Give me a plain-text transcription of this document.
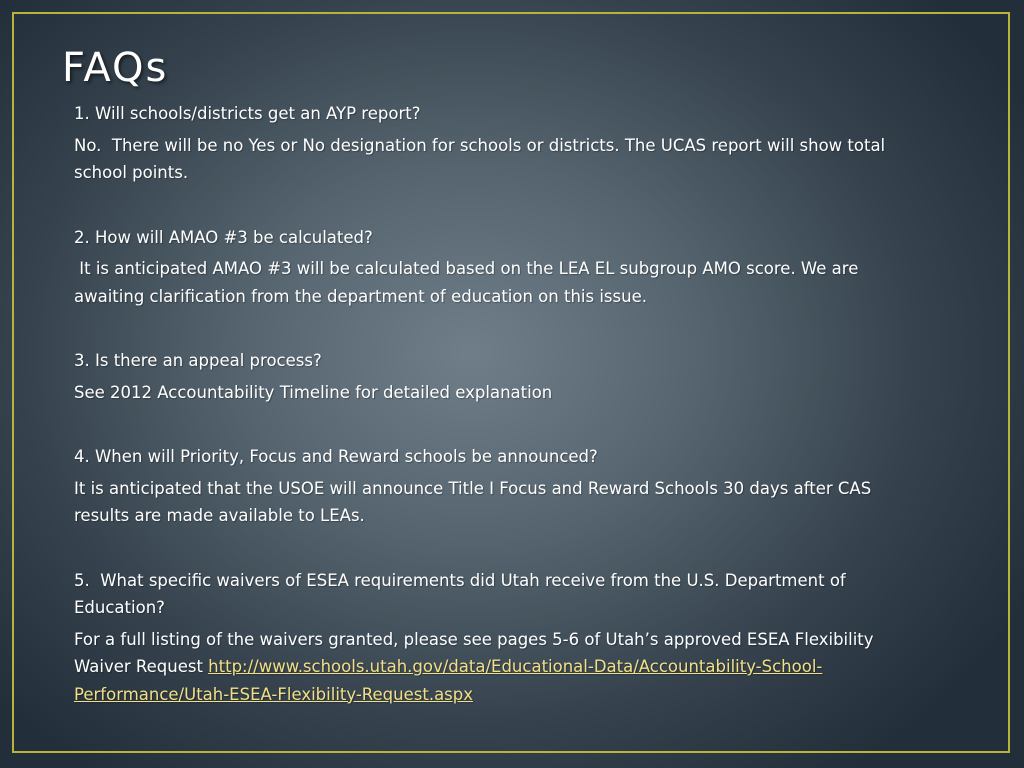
FAQs

1. Will schools/districts get an AYP report?

No.  There will be no Yes or No designation for schools or districts. The UCAS report will show total school points.

2. How will AMAO #3 be calculated?

It is anticipated AMAO #3 will be calculated based on the LEA EL subgroup AMO score. We are awaiting clarification from the department of education on this issue.

3. Is there an appeal process?

See 2012 Accountability Timeline for detailed explanation

4. When will Priority, Focus and Reward schools be announced?

It is anticipated that the USOE will announce Title I Focus and Reward Schools 30 days after CAS results are made available to LEAs.

5.  What specific waivers of ESEA requirements did Utah receive from the U.S. Department of Education?

For a full listing of the waivers granted, please see pages 5-6 of Utah’s approved ESEA Flexibility Waiver Request http://www.schools.utah.gov/data/Educational-Data/Accountability-School-Performance/Utah-ESEA-Flexibility-Request.aspx
